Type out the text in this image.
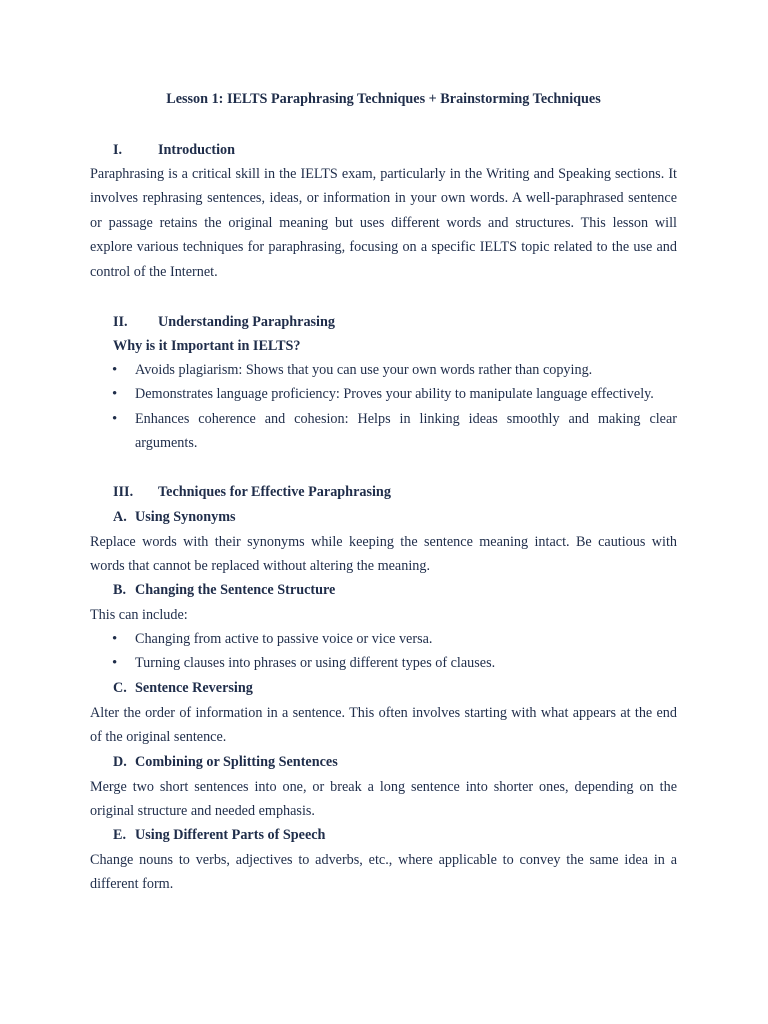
Lesson 1: IELTS Paraphrasing Techniques + Brainstorming Techniques
I.	Introduction
Paraphrasing is a critical skill in the IELTS exam, particularly in the Writing and Speaking sections. It involves rephrasing sentences, ideas, or information in your own words. A well-paraphrased sentence or passage retains the original meaning but uses different words and structures. This lesson will explore various techniques for paraphrasing, focusing on a specific IELTS topic related to the use and control of the Internet.
II. Understanding Paraphrasing
Why is it Important in IELTS?
• Avoids plagiarism: Shows that you can use your own words rather than copying.
• Demonstrates language proficiency: Proves your ability to manipulate language effectively.
• Enhances coherence and cohesion: Helps in linking ideas smoothly and making clear arguments.
III. Techniques for Effective Paraphrasing
A. Using Synonyms
Replace words with their synonyms while keeping the sentence meaning intact. Be cautious with words that cannot be replaced without altering the meaning.
B. Changing the Sentence Structure
This can include:
• Changing from active to passive voice or vice versa.
• Turning clauses into phrases or using different types of clauses.
C. Sentence Reversing
Alter the order of information in a sentence. This often involves starting with what appears at the end of the original sentence.
D. Combining or Splitting Sentences
Merge two short sentences into one, or break a long sentence into shorter ones, depending on the original structure and needed emphasis.
E. Using Different Parts of Speech
Change nouns to verbs, adjectives to adverbs, etc., where applicable to convey the same idea in a different form.
